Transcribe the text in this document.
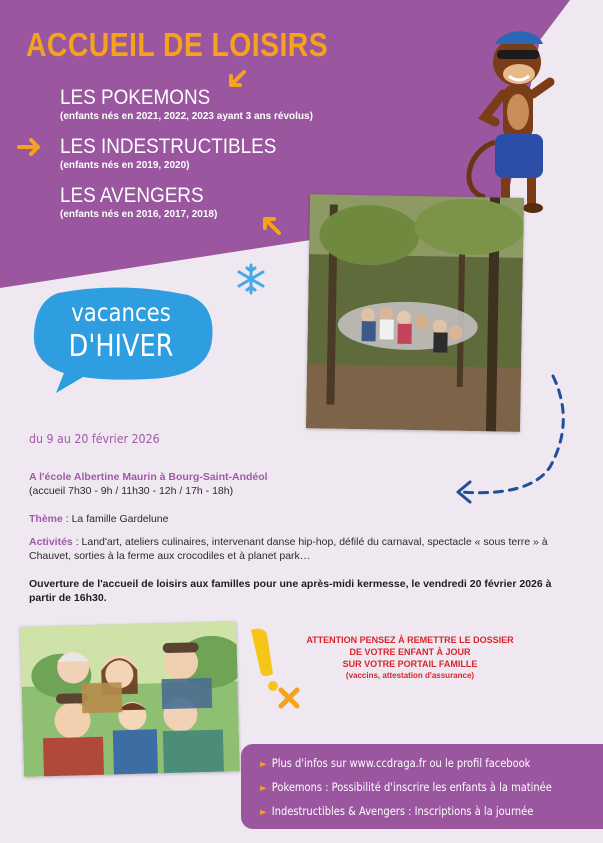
ACCUEIL DE LOISIRS
LES POKEMONS
(enfants nés en 2021, 2022, 2023 ayant 3 ans révolus)
LES INDESTRUCTIBLES
(enfants nés en 2019, 2020)
LES AVENGERS
(enfants nés en 2016, 2017, 2018)
vacances
D'HIVER
du 9 au 20 février 2026
A l'école Albertine Maurin à Bourg-Saint-Andéol
(accueil 7h30 - 9h / 11h30 - 12h / 17h - 18h)
Thème : La famille Gardelune
Activités : Land'art, ateliers culinaires, intervenant danse hip-hop, défilé du carnaval, spectacle « sous terre » à Chauvet, sorties à la ferme aux crocodiles et à planet park…
Ouverture de l'accueil de loisirs aux familles pour une après-midi kermesse, le vendredi 20 février 2026 à partir de 16h30.
ATTENTION PENSEZ À REMETTRE LE DOSSIER
DE VOTRE ENFANT À JOUR
SUR VOTRE PORTAIL FAMILLE
(vaccins, attestation d'assurance)
► Plus d'infos sur www.ccdraga.fr ou le profil facebook
► Pokemons : Possibilité d'inscrire les enfants à la matinée
► Indestructibles & Avengers : Inscriptions à la journée
